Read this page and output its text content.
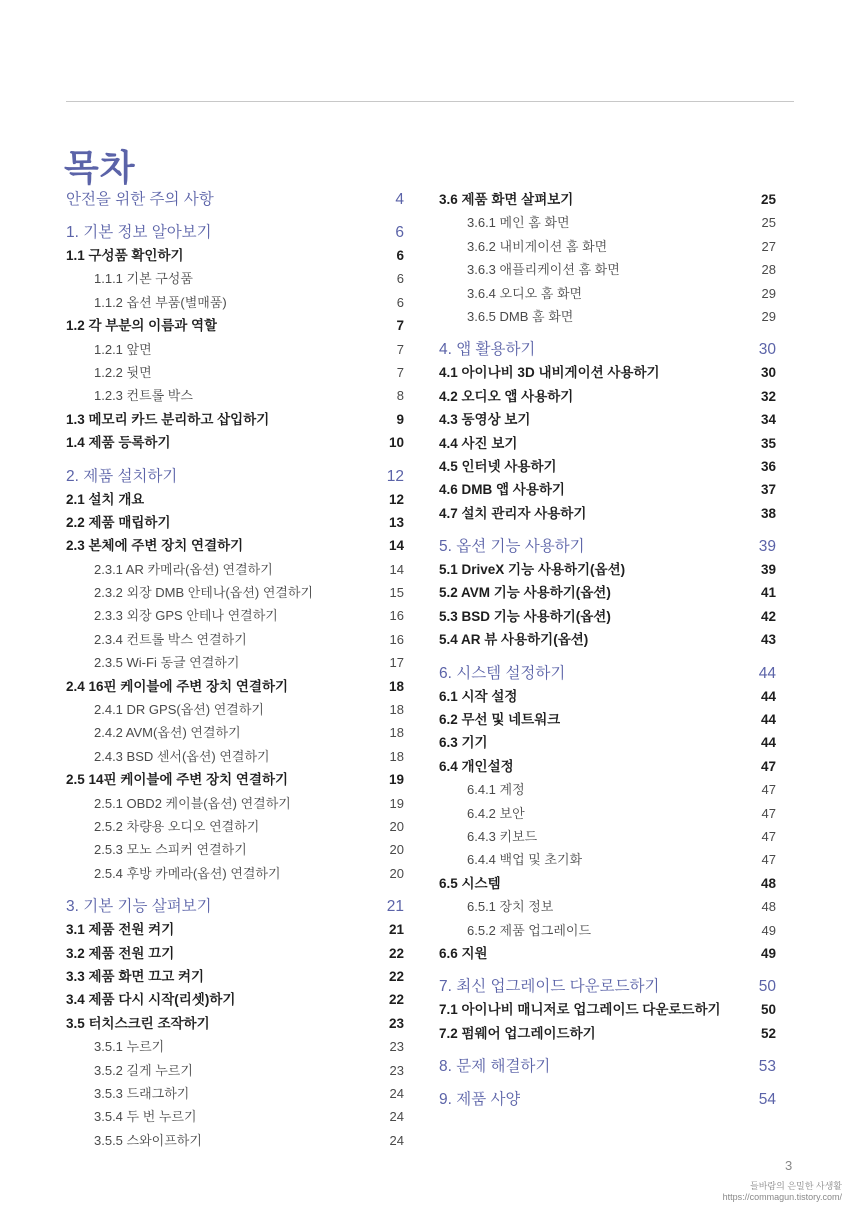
목차
안전을 위한 주의 사항	4
1. 기본 정보 알아보기	6
1.1 구성품 확인하기	6
1.1.1 기본 구성품	6
1.1.2 옵션 부품(별매품)	6
1.2 각 부분의 이름과 역할	7
1.2.1 앞면	7
1.2.2 뒷면	7
1.2.3 컨트롤 박스	8
1.3 메모리 카드 분리하고 삽입하기	9
1.4 제품 등록하기	10
2. 제품 설치하기	12
2.1 설치 개요	12
2.2 제품 매립하기	13
2.3 본체에 주변 장치 연결하기	14
2.3.1 AR 카메라(옵션) 연결하기	14
2.3.2 외장 DMB 안테나(옵션) 연결하기	15
2.3.3 외장 GPS 안테나 연결하기	16
2.3.4 컨트롤 박스 연결하기	16
2.3.5 Wi-Fi 동글 연결하기	17
2.4 16핀 케이블에 주변 장치 연결하기	18
2.4.1 DR GPS(옵션) 연결하기	18
2.4.2 AVM(옵션) 연결하기	18
2.4.3 BSD 센서(옵션) 연결하기	18
2.5 14핀 케이블에 주변 장치 연결하기	19
2.5.1 OBD2 케이블(옵션) 연결하기	19
2.5.2 차량용 오디오 연결하기	20
2.5.3 모노 스피커 연결하기	20
2.5.4 후방 카메라(옵션) 연결하기	20
3. 기본 기능 살펴보기	21
3.1 제품 전원 켜기	21
3.2 제품 전원 끄기	22
3.3 제품 화면 끄고 켜기	22
3.4 제품 다시 시작(리셋)하기	22
3.5 터치스크린 조작하기	23
3.5.1 누르기	23
3.5.2 길게 누르기	23
3.5.3 드래그하기	24
3.5.4 두 번 누르기	24
3.5.5 스와이프하기	24
3.6 제품 화면 살펴보기	25
3.6.1 메인 홈 화면	25
3.6.2 내비게이션 홈 화면	27
3.6.3 애플리케이션 홈 화면	28
3.6.4 오디오 홈 화면	29
3.6.5 DMB 홈 화면	29
4. 앱 활용하기	30
4.1 아이나비 3D 내비게이션 사용하기	30
4.2 오디오 앱 사용하기	32
4.3 동영상 보기	34
4.4 사진 보기	35
4.5 인터넷 사용하기	36
4.6 DMB 앱 사용하기	37
4.7 설치 관리자 사용하기	38
5. 옵션 기능 사용하기	39
5.1 DriveX 기능 사용하기(옵션)	39
5.2 AVM 기능 사용하기(옵션)	41
5.3 BSD 기능 사용하기(옵션)	42
5.4 AR 뷰 사용하기(옵션)	43
6. 시스템 설정하기	44
6.1 시작 설정	44
6.2 무선 및 네트워크	44
6.3 기기	44
6.4 개인설정	47
6.4.1 계정	47
6.4.2 보안	47
6.4.3 키보드	47
6.4.4 백업 및 초기화	47
6.5 시스템	48
6.5.1 장치 정보	48
6.5.2 제품 업그레이드	49
6.6 지원	49
7. 최신 업그레이드 다운로드하기	50
7.1 아이나비 매니저로 업그레이드 다운로드하기	50
7.2 펌웨어 업그레이드하기	52
8. 문제 해결하기	53
9. 제품 사양	54
3
들바람의 은밀한 사생활
https://commagun.tistory.com/
